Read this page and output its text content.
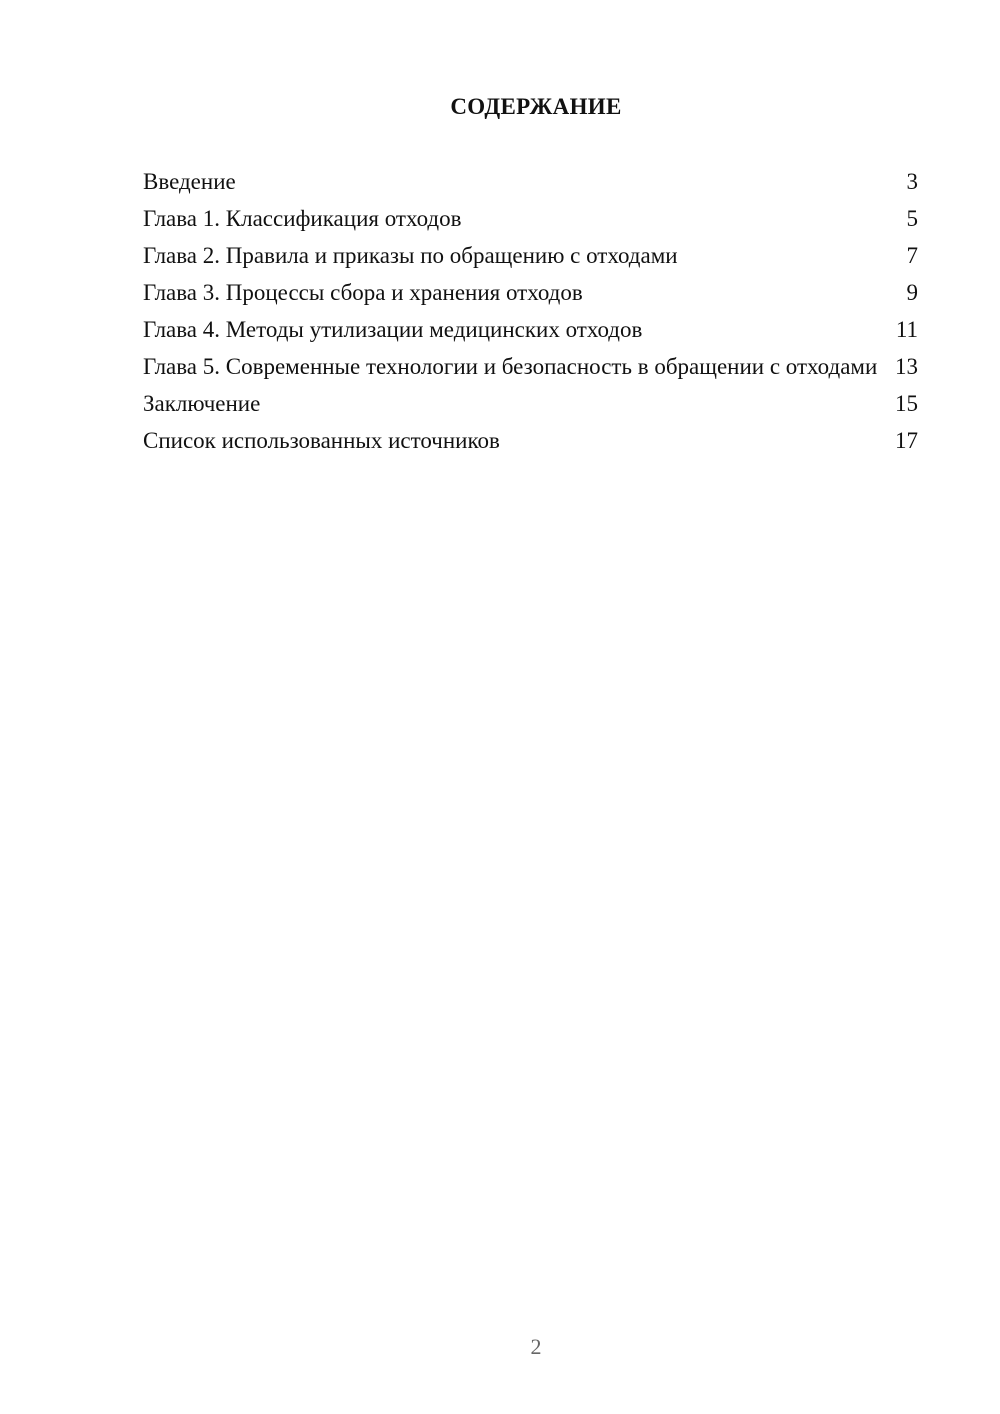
СОДЕРЖАНИЕ
Введение	3
Глава 1. Классификация отходов	5
Глава 2. Правила и приказы по обращению с отходами	7
Глава 3. Процессы сбора и хранения отходов	9
Глава 4. Методы утилизации медицинских отходов	11
Глава 5. Современные технологии и безопасность в обращении с отходами 13
Заключение	15
Список использованных источников	17
2
